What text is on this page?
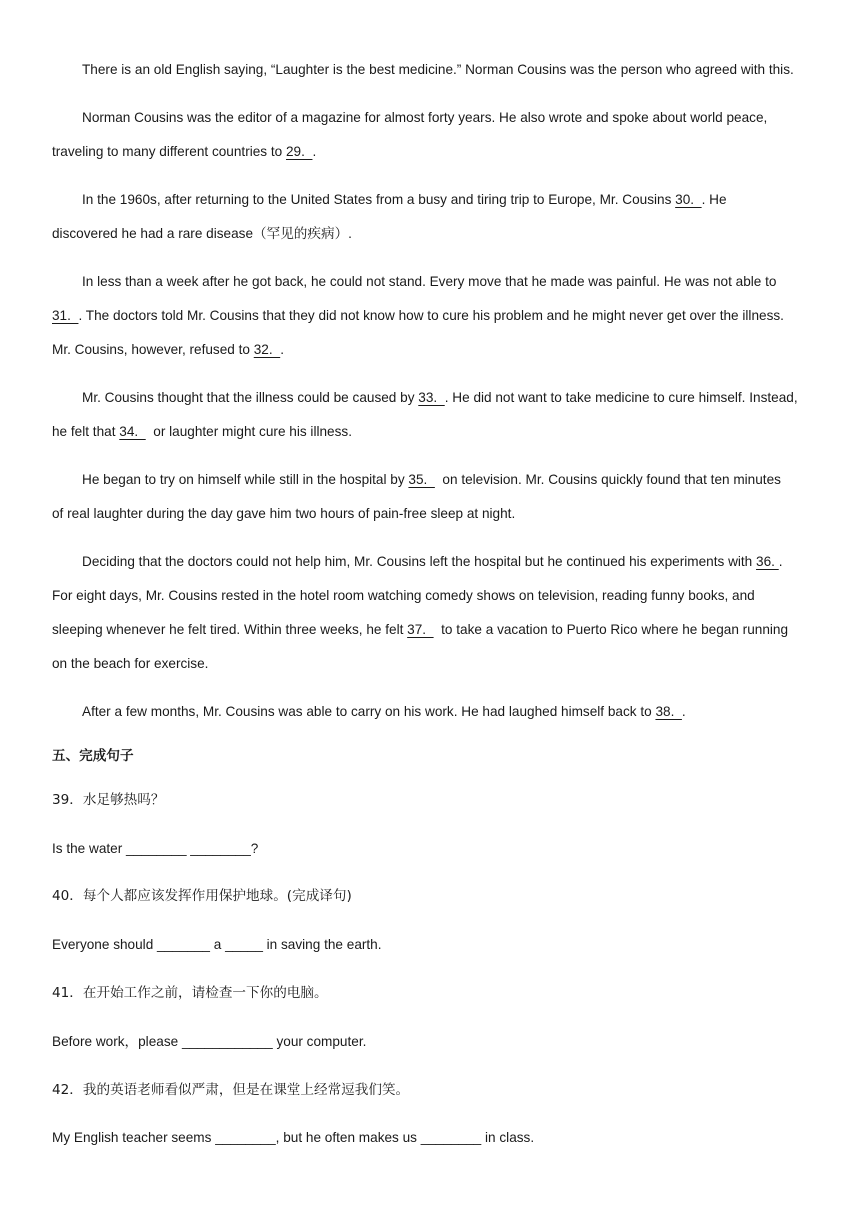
There is an old English saying, “Laughter is the best medicine.” Norman Cousins was the person who agreed with this.
Norman Cousins was the editor of a magazine for almost forty years. He also wrote and spoke about world peace,
traveling to many different countries to 29.  .
In the 1960s, after returning to the United States from a busy and tiring trip to Europe, Mr. Cousins 30.  . He
discovered he had a rare disease（罕见的疾病）.
In less than a week after he got back, he could not stand. Every move that he made was painful. He was not able to
31.  . The doctors told Mr. Cousins that they did not know how to cure his problem and he might never get over the illness.
Mr. Cousins, however, refused to 32.  .
Mr. Cousins thought that the illness could be caused by 33.  . He did not want to take medicine to cure himself. Instead,
he felt that 34.    or laughter might cure his illness.
He began to try on himself while still in the hospital by 35.    on television. Mr. Cousins quickly found that ten minutes
of real laughter during the day gave him two hours of pain-free sleep at night.
Deciding that the doctors could not help him, Mr. Cousins left the hospital but he continued his experiments with 36. .
For eight days, Mr. Cousins rested in the hotel room watching comedy shows on television, reading funny books, and
sleeping whenever he felt tired. Within three weeks, he felt 37.    to take a vacation to Puerto Rico where he began running
on the beach for exercise.
After a few months, Mr. Cousins was able to carry on his work. He had laughed himself back to 38.  .
五、完成句子
39．水足够热吗？
Is the water ________ ________?
40．每个人都应该发挥作用保护地球。(完成译句)
Everyone should _______ a _____ in saving the earth.
41．在开始工作之前，请检查一下你的电脑。
Before work，please ____________ your computer.
42．我的英语老师看似严肃，但是在课堂上经常逗我们笑。
My English teacher seems ________, but he often makes us ________ in class.
